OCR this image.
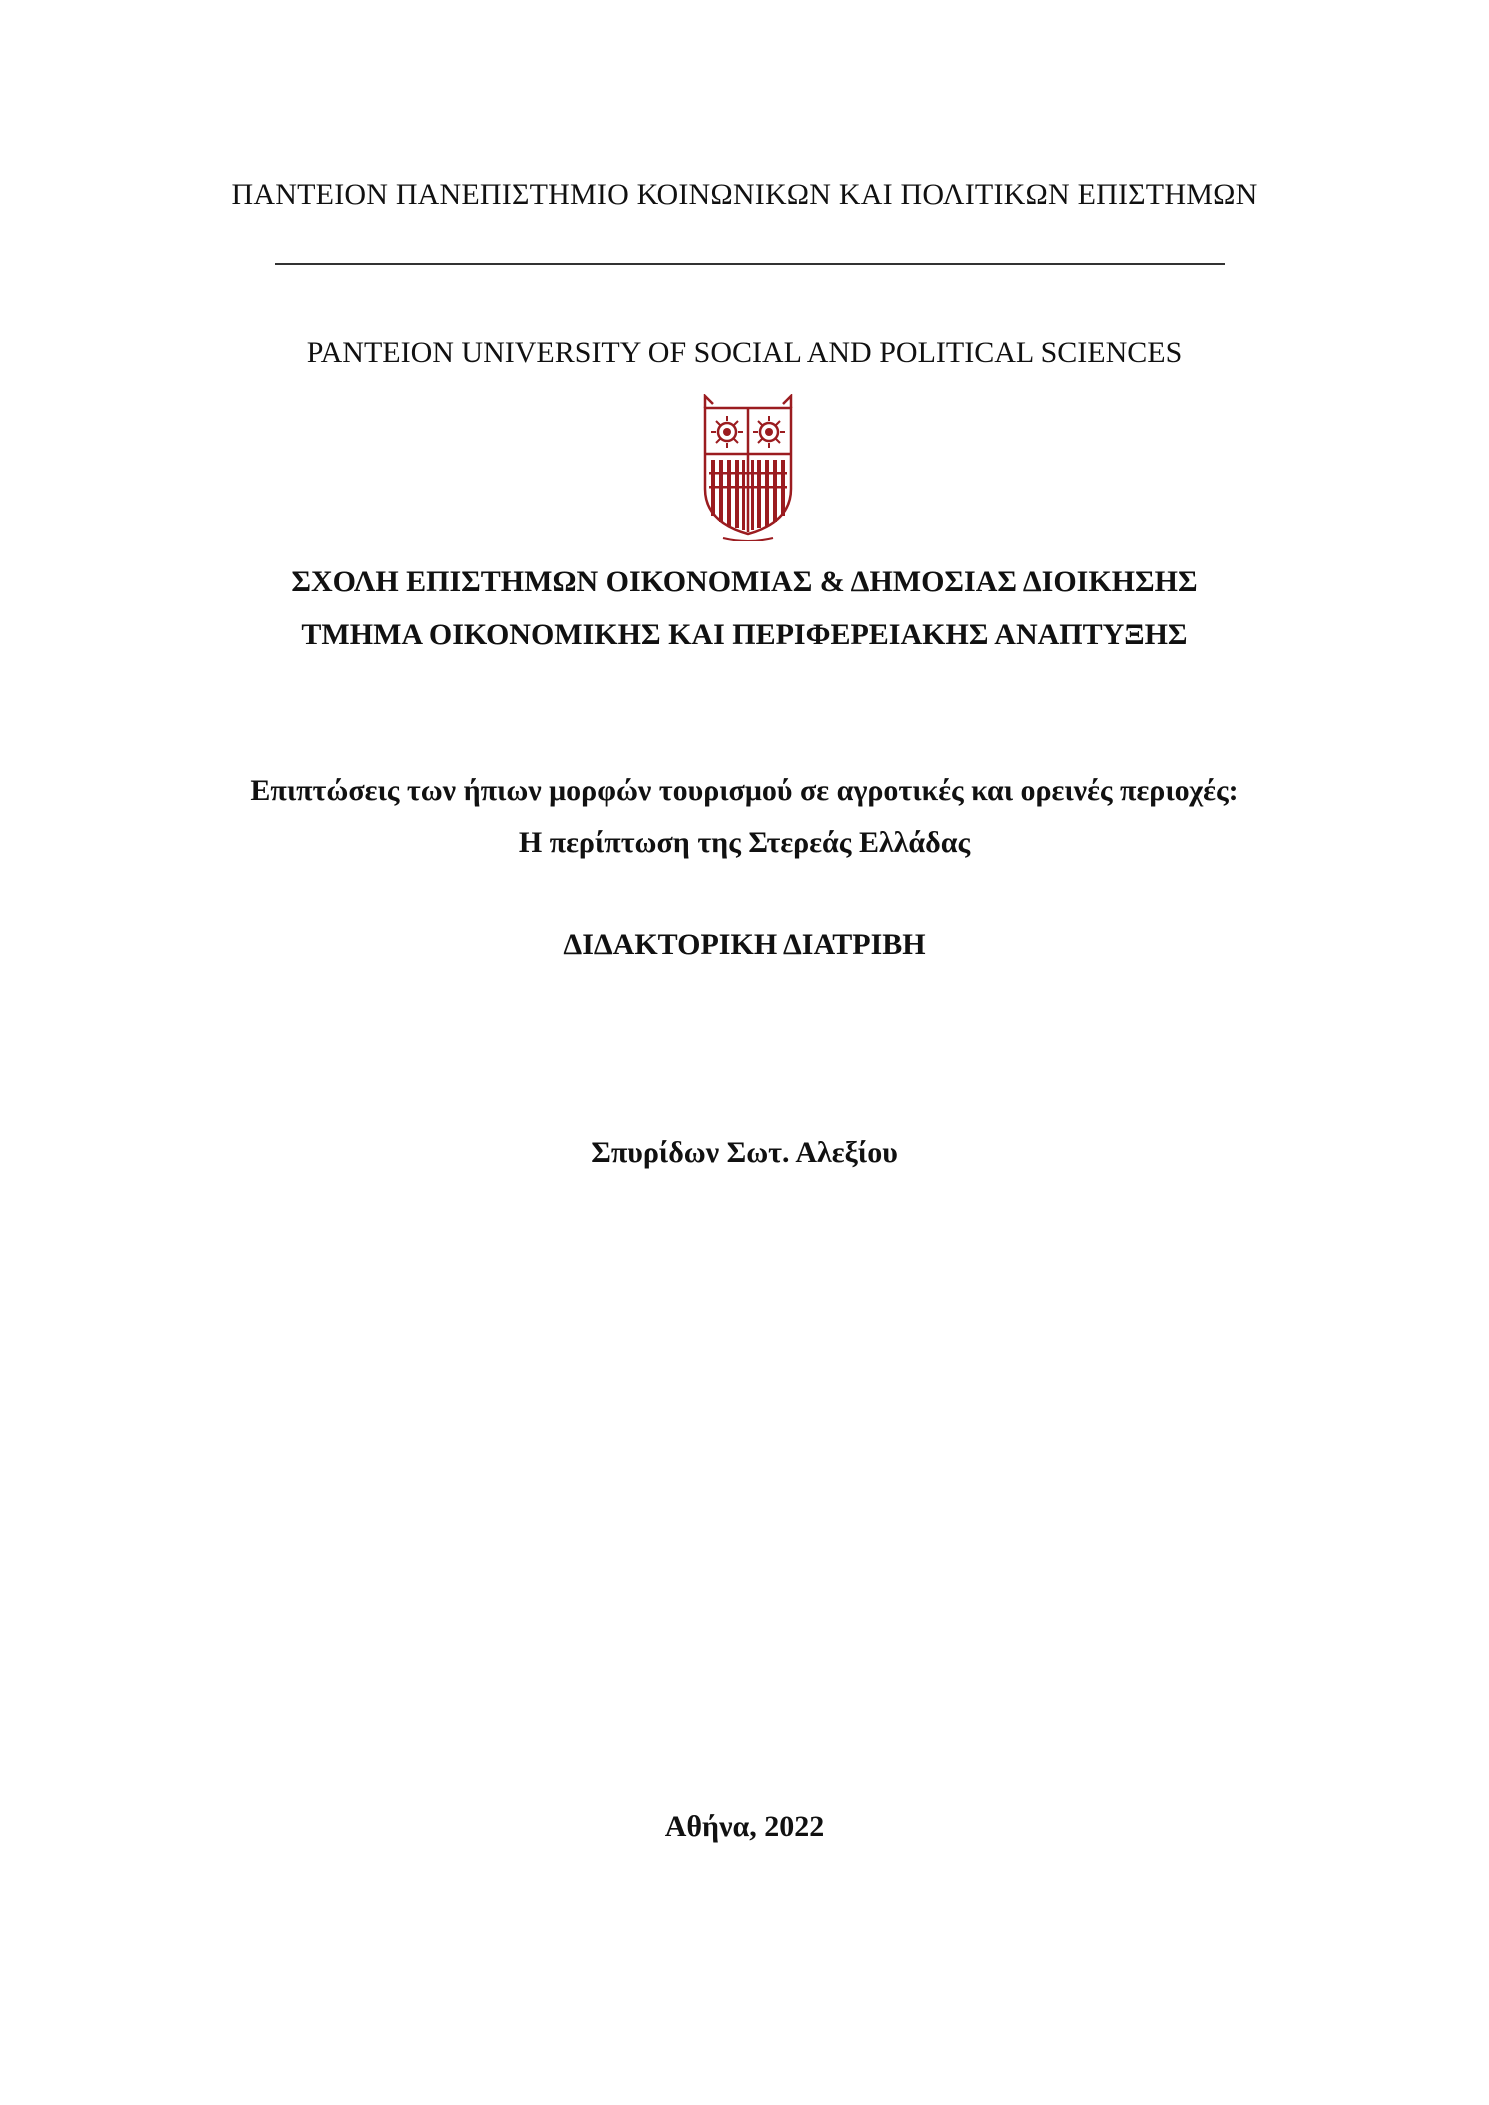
ΠΑΝΤΕΙΟΝ ΠΑΝΕΠΙΣΤΗΜΙΟ ΚΟΙΝΩΝΙΚΩΝ ΚΑΙ ΠΟΛΙΤΙΚΩΝ ΕΠΙΣΤΗΜΩΝ
PANTEION UNIVERSITY OF SOCIAL AND POLITICAL SCIENCES
ΣΧΟΛΗ ΕΠΙΣΤΗΜΩΝ ΟΙΚΟΝΟΜΙΑΣ & ΔΗΜΟΣΙΑΣ ΔΙΟΙΚΗΣΗΣ
ΤΜΗΜΑ ΟΙΚΟΝΟΜΙΚΗΣ ΚΑΙ ΠΕΡΙΦΕΡΕΙΑΚΗΣ ΑΝΑΠΤΥΞΗΣ
Επιπτώσεις των ήπιων μορφών τουρισμού σε αγροτικές και ορεινές περιοχές:
Η περίπτωση της Στερεάς Ελλάδας
ΔΙΔΑΚΤΟΡΙΚΗ ΔΙΑΤΡΙΒΗ
Σπυρίδων Σωτ. Αλεξίου
Αθήνα, 2022
